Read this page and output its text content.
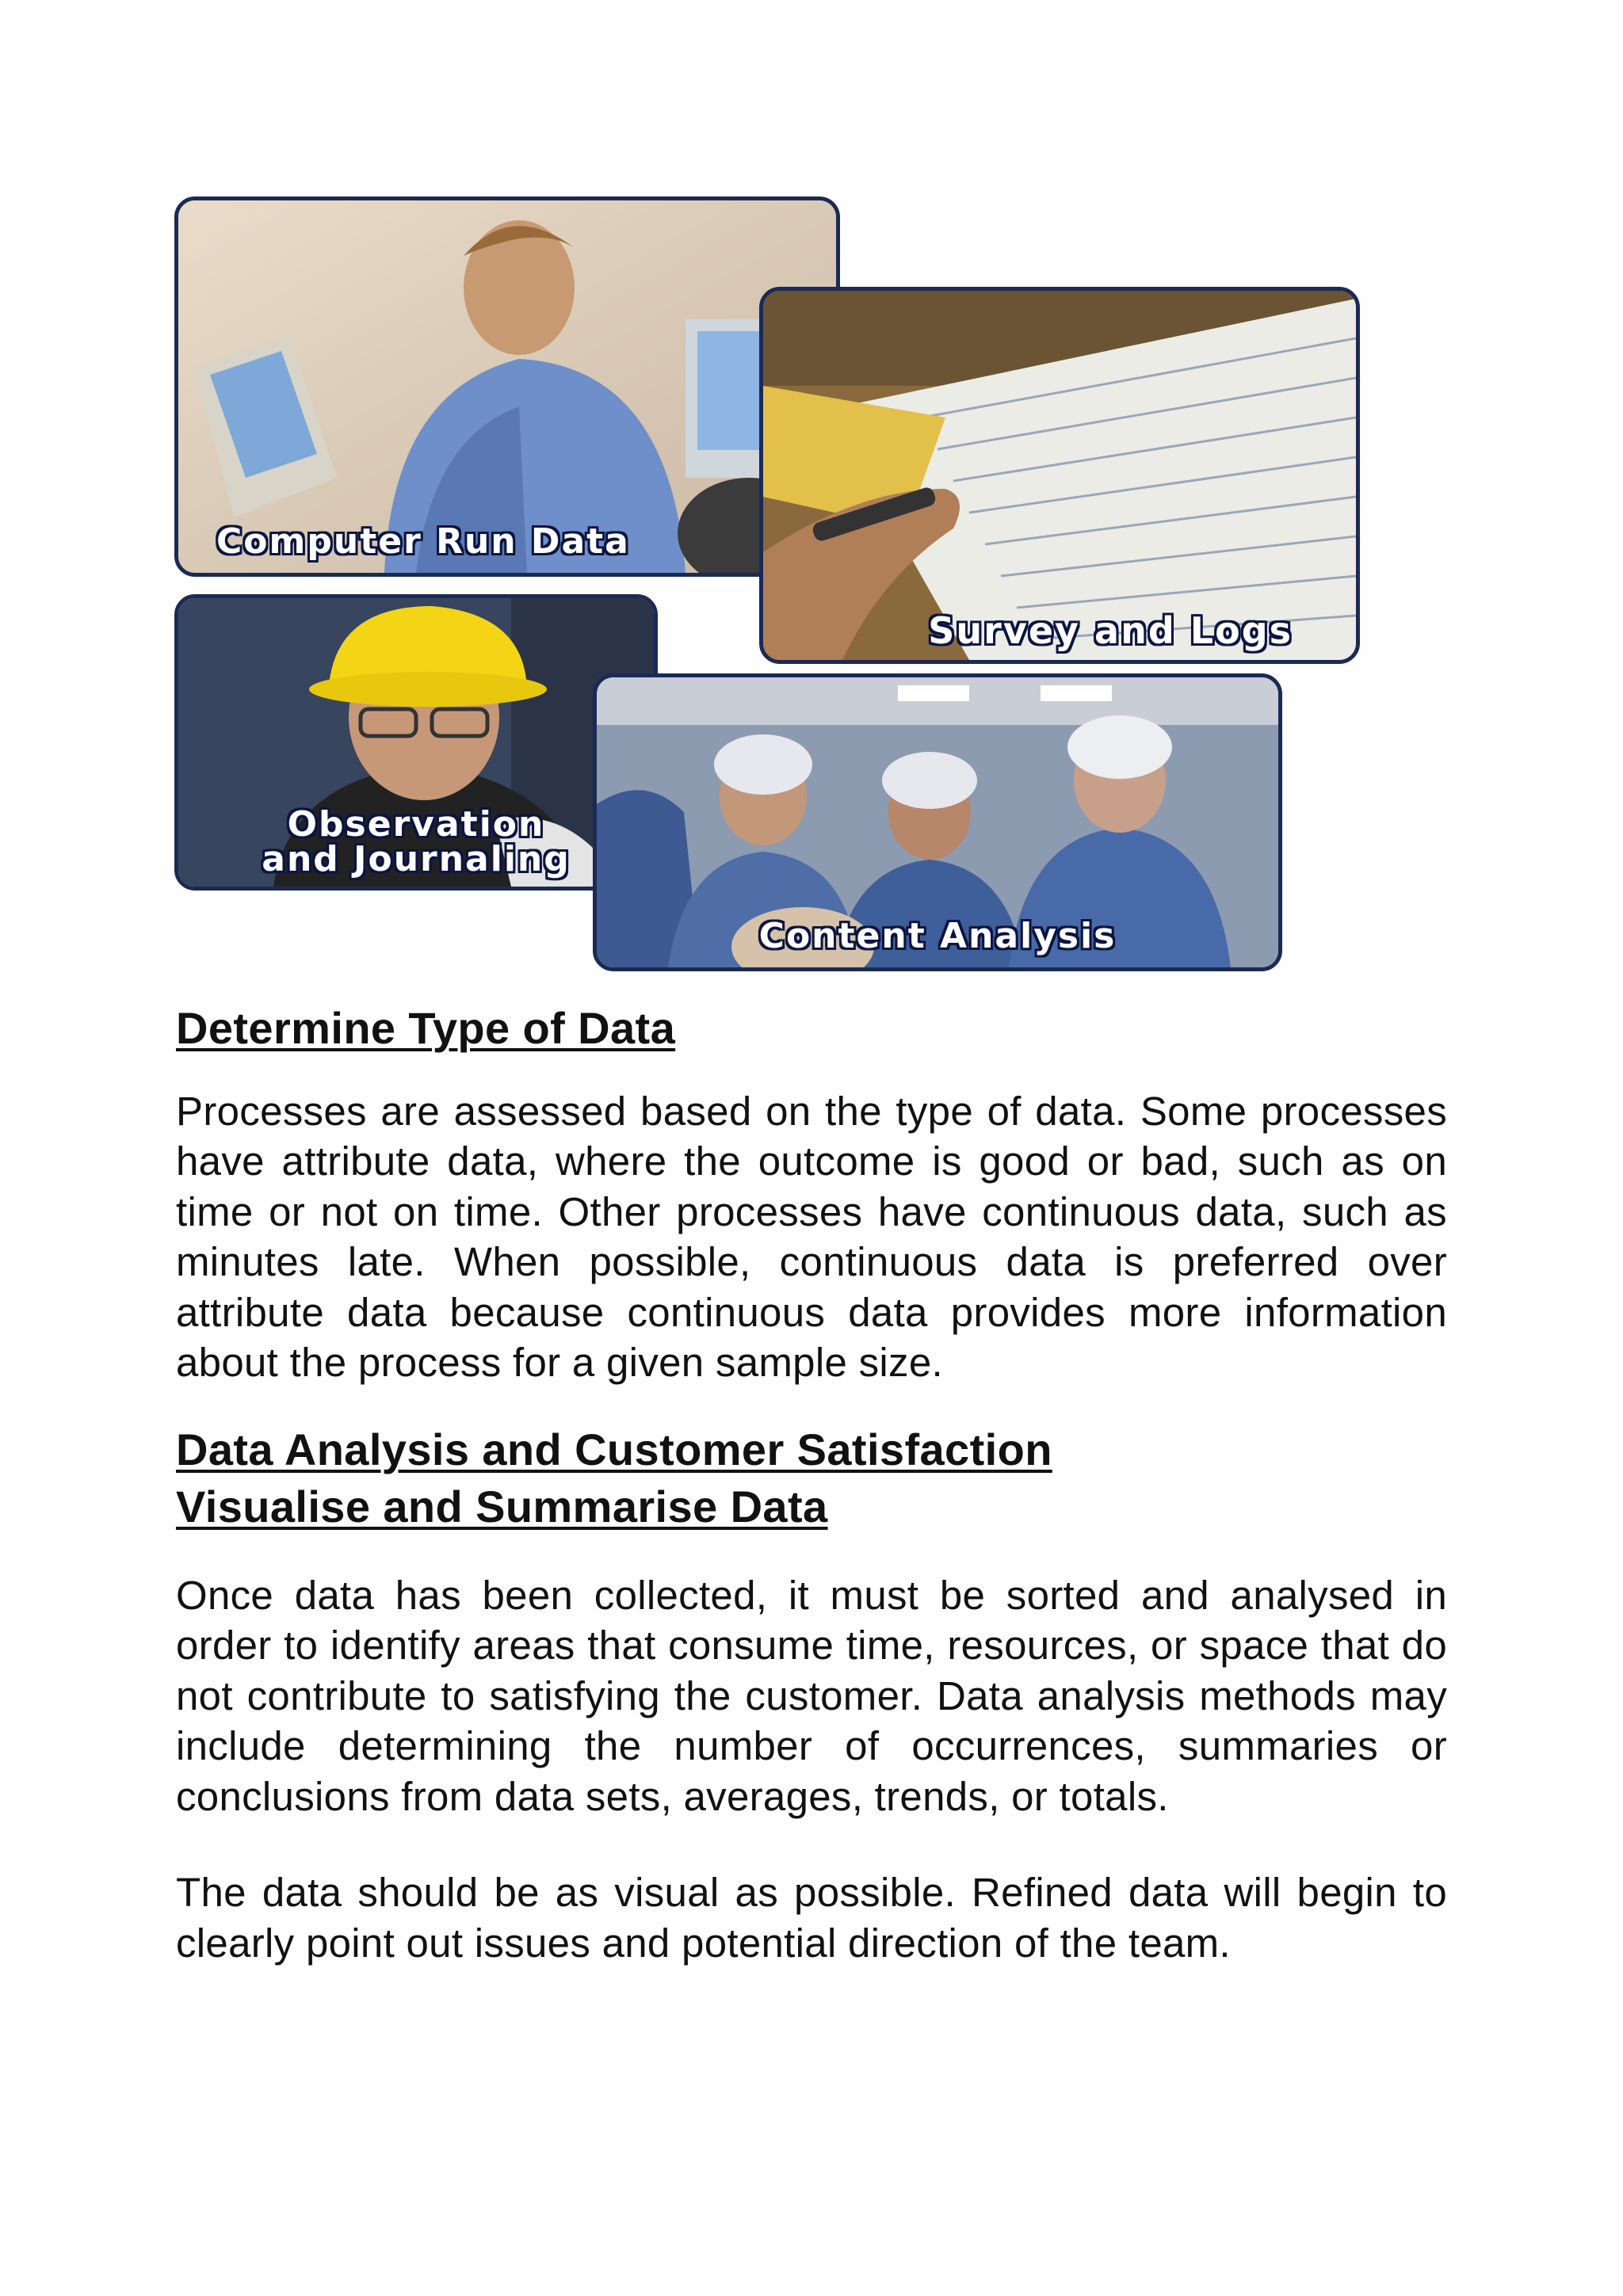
Computer Run Data
Survey and Logs
Observation
and Journaling
Content Analysis
Determine Type of Data

Processes are assessed based on the type of data. Some processes have attribute data, where the outcome is good or bad, such as on time or not on time. Other processes have continuous data, such as minutes late. When possible, continuous data is preferred over attribute data because continuous data provides more information about the process for a given sample size.

Data Analysis and Customer Satisfaction
Visualise and Summarise Data

Once data has been collected, it must be sorted and analysed in order to identify areas that consume time, resources, or space that do not contribute to satisfying the customer. Data analysis methods may include determining the number of occurrences, summaries or conclusions from data sets, averages, trends, or totals.

The data should be as visual as possible. Refined data will begin to clearly point out issues and potential direction of the team.
